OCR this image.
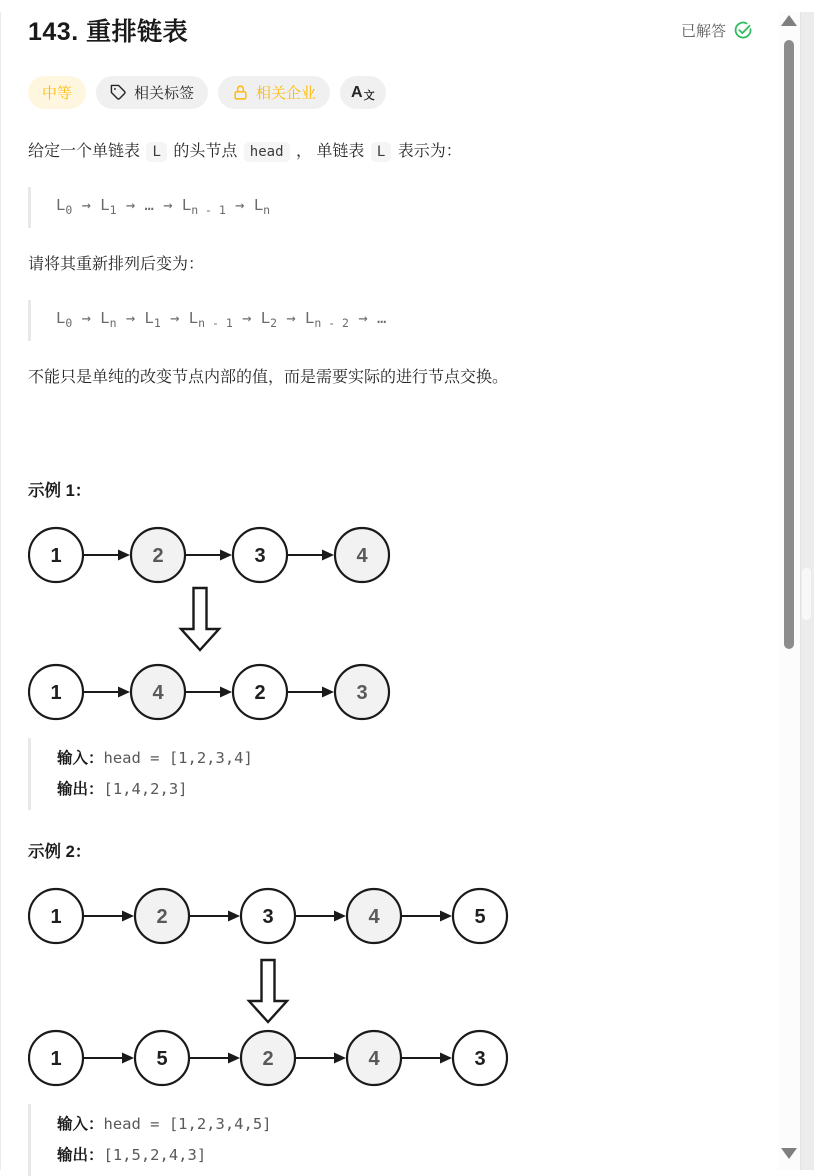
143. 重排链表	已解答
中等	相关标签	相关企业 A 文

给定一个单链表 L 的头节点 head ， 单链表 L 表示为：

$L_0 \to L_1$ → … → $L_{n - 1} \to L_n$

请将其重新排列后变为：

$L_0 \to L_n \to L_1 \to L_{n - 1} \to L_2 \to L_{n - 2}$ → …

不能只是单纯的改变节点内部的值，而是需要实际的进行节点交换。

示例 1：
1	2	3	4
1	4	2	3
输入：head = [1,2,3,4]
输出：[1,4,2,3]
示例 2：
1	2	3	4	5
1	5	2	4	3
输入：head = [1,2,3,4,5]
输出：[1,5,2,4,3]
